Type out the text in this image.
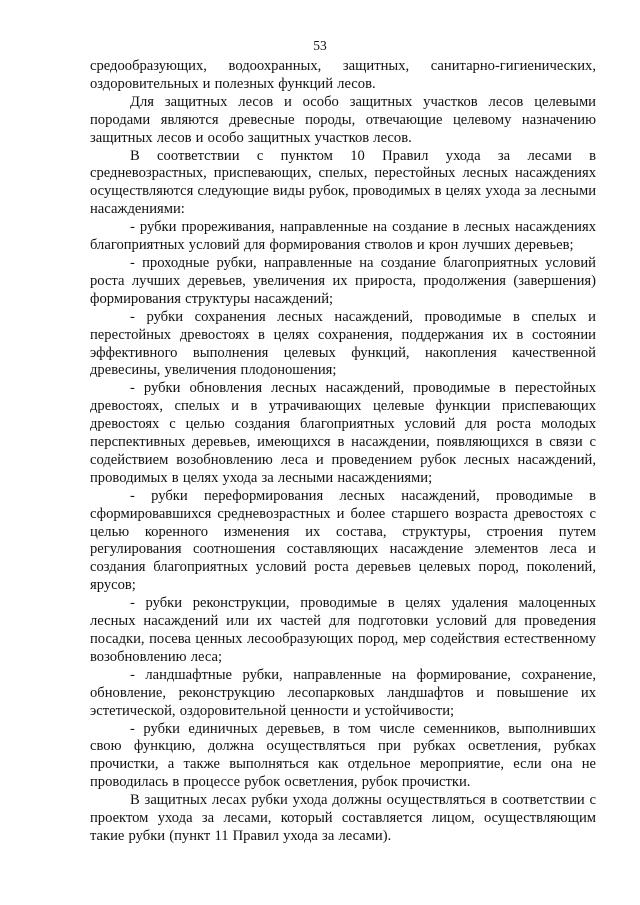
53

средообразующих, водоохранных, защитных, санитарно-гигиенических, оздоровительных и полезных функций лесов.

Для защитных лесов и особо защитных участков лесов целевыми породами являются древесные породы, отвечающие целевому назначению защитных лесов и особо защитных участков лесов.

В соответствии с пунктом 10 Правил ухода за лесами в средневозрастных, приспевающих, спелых, перестойных лесных насаждениях осуществляются следующие виды рубок, проводимых в целях ухода за лесными насаждениями:

- рубки прореживания, направленные на создание в лесных насаждениях благоприятных условий для формирования стволов и крон лучших деревьев;

- проходные рубки, направленные на создание благоприятных условий роста лучших деревьев, увеличения их прироста, продолжения (завершения) формирования структуры насаждений;

- рубки сохранения лесных насаждений, проводимые в спелых и перестойных древостоях в целях сохранения, поддержания их в состоянии эффективного выполнения целевых функций, накопления качественной древесины, увеличения плодоношения;

- рубки обновления лесных насаждений, проводимые в перестойных древостоях, спелых и в утрачивающих целевые функции приспевающих древостоях с целью создания благоприятных условий для роста молодых перспективных деревьев, имеющихся в насаждении, появляющихся в связи с содействием возобновлению леса и проведением рубок лесных насаждений, проводимых в целях ухода за лесными насаждениями;

- рубки переформирования лесных насаждений, проводимые в сформировавшихся средневозрастных и более старшего возраста древостоях с целью коренного изменения их состава, структуры, строения путем регулирования соотношения составляющих насаждение элементов леса и создания благоприятных условий роста деревьев целевых пород, поколений, ярусов;

- рубки реконструкции, проводимые в целях удаления малоценных лесных насаждений или их частей для подготовки условий для проведения посадки, посева ценных лесообразующих пород, мер содействия естественному возобновлению леса;

- ландшафтные рубки, направленные на формирование, сохранение, обновление, реконструкцию лесопарковых ландшафтов и повышение их эстетической, оздоровительной ценности и устойчивости;

- рубки единичных деревьев, в том числе семенников, выполнивших свою функцию, должна осуществляться при рубках осветления, рубках прочистки, а также выполняться как отдельное мероприятие, если она не проводилась в процессе рубок осветления, рубок прочистки.

В защитных лесах рубки ухода должны осуществляться в соответствии с проектом ухода за лесами, который составляется лицом, осуществляющим такие рубки (пункт 11 Правил ухода за лесами).
